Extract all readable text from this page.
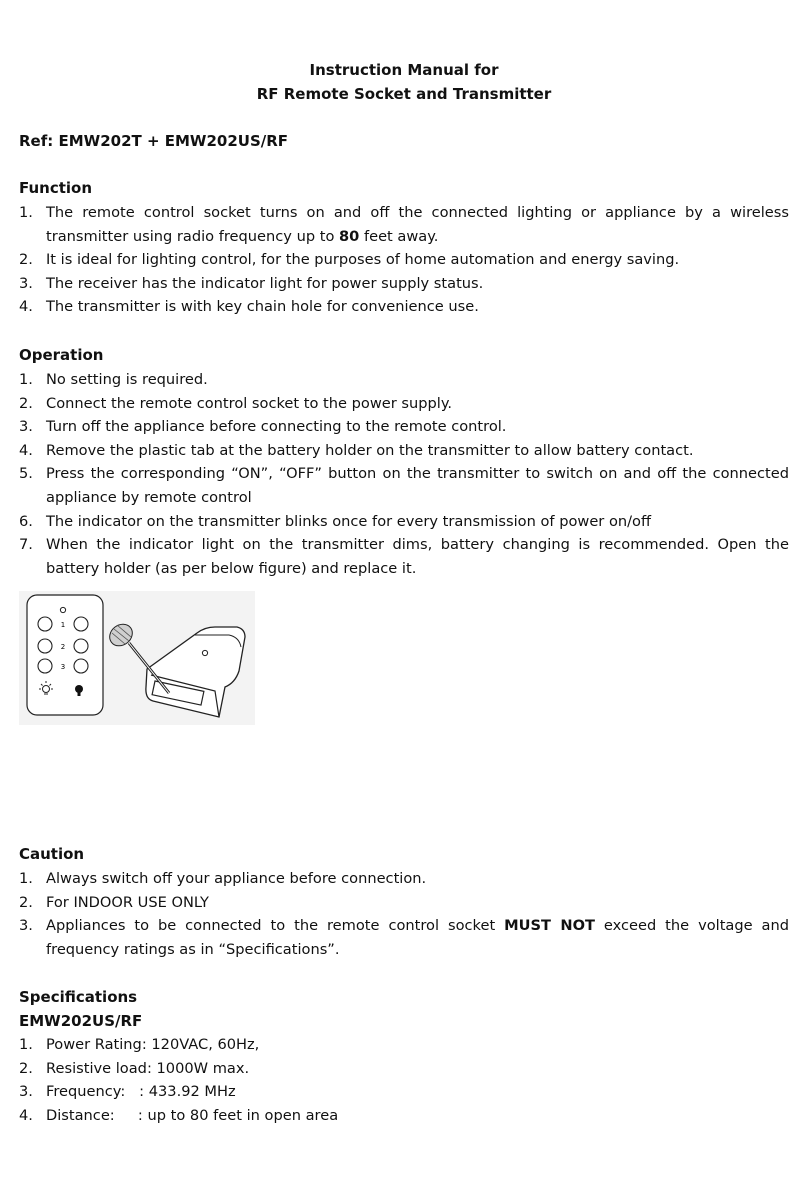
Instruction Manual for
RF Remote Socket and Transmitter
Ref: EMW202T + EMW202US/RF
Function
1. The remote control socket turns on and off the connected lighting or appliance by a wireless transmitter using radio frequency up to 80 feet away.
2. It is ideal for lighting control, for the purposes of home automation and energy saving.
3. The receiver has the indicator light for power supply status.
4. The transmitter is with key chain hole for convenience use.
Operation
1. No setting is required.
2. Connect the remote control socket to the power supply.
3. Turn off the appliance before connecting to the remote control.
4. Remove the plastic tab at the battery holder on the transmitter to allow battery contact.
5. Press the corresponding “ON”, “OFF” button on the transmitter to switch on and off the connected appliance by remote control
6. The indicator on the transmitter blinks once for every transmission of power on/off
7. When the indicator light on the transmitter dims, battery changing is recommended. Open the battery holder (as per below figure) and replace it.
1
2
3
Caution
1. Always switch off your appliance before connection.
2. For INDOOR USE ONLY
3. Appliances to be connected to the remote control socket MUST NOT exceed the voltage and frequency ratings as in “Specifications”.
Specifications
EMW202US/RF
1. Power Rating: 120VAC, 60Hz,
2. Resistive load: 1000W max.
3. Frequency:   : 433.92 MHz
4. Distance:     : up to 80 feet in open area
